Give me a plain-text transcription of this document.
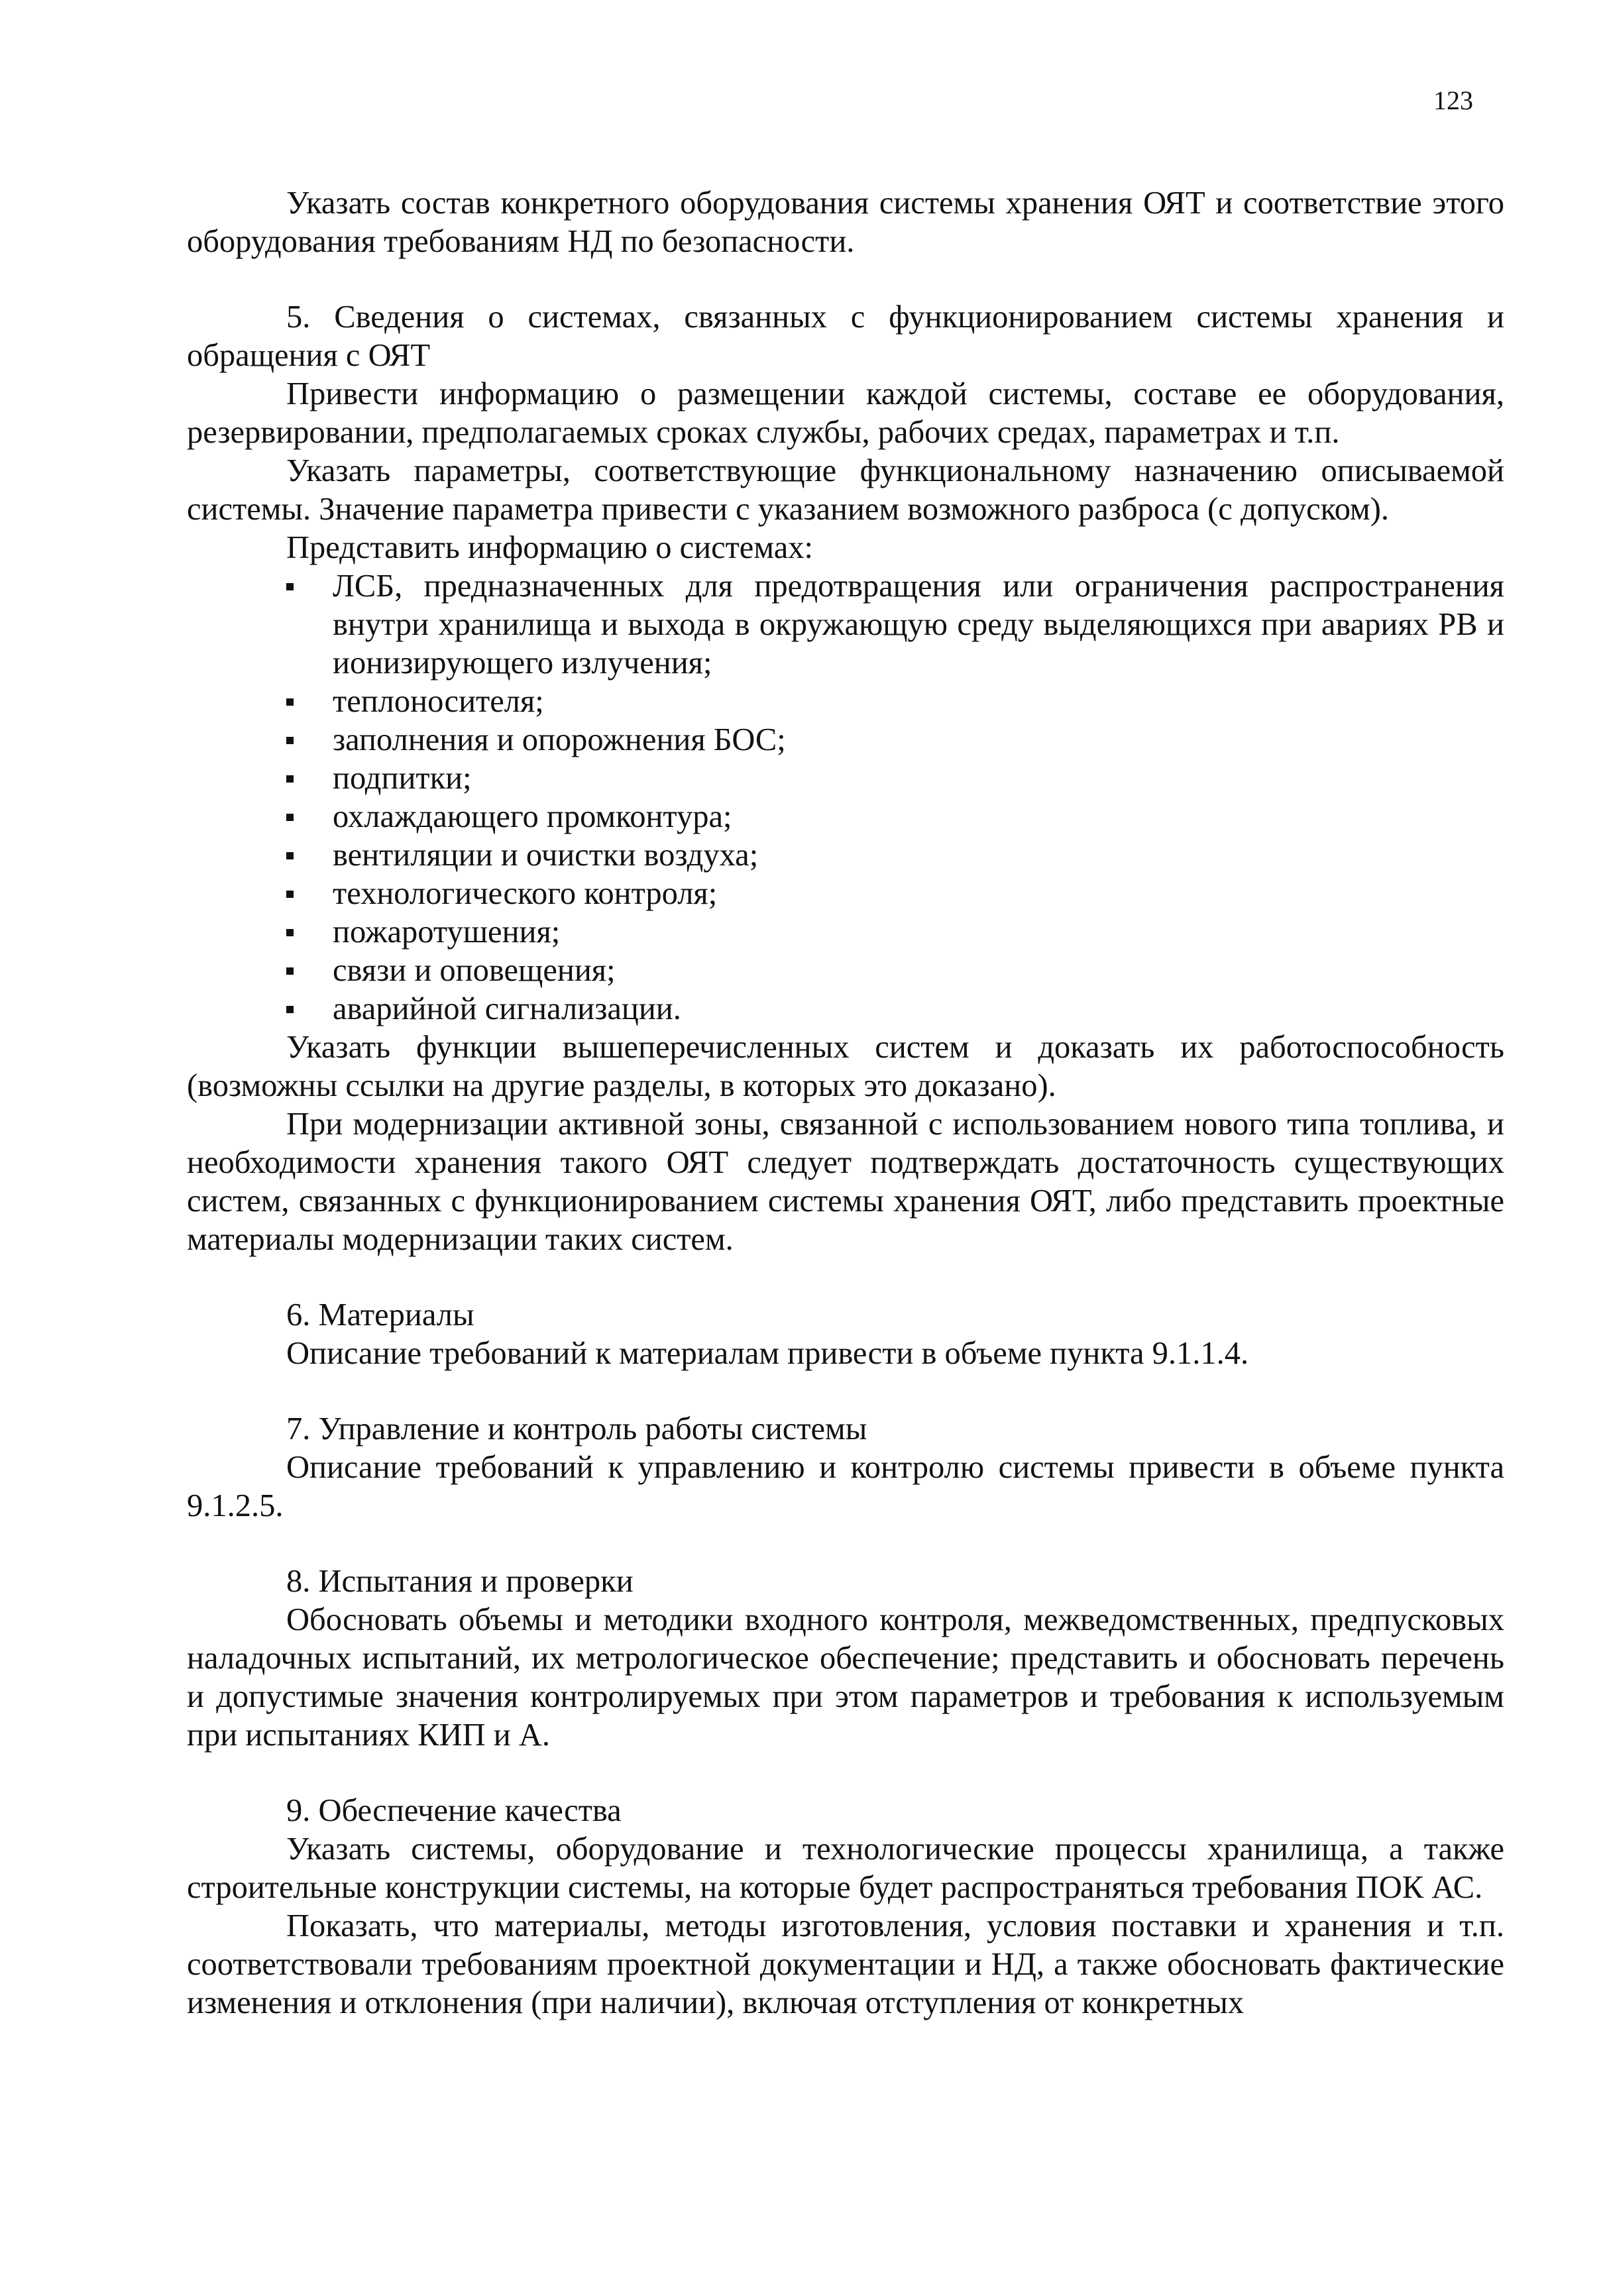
123

Указать состав конкретного оборудования системы хранения ОЯТ и соответствие этого оборудования требованиям НД по безопасности.

5. Сведения о системах, связанных с функционированием системы хранения и обращения с ОЯТ

Привести информацию о размещении каждой системы, составе ее оборудования, резервировании, предполагаемых сроках службы, рабочих средах, параметрах и т.п.

Указать параметры, соответствующие функциональному назначению описываемой системы. Значение параметра привести с указанием возможного разброса (с допуском).

Представить информацию о системах:

ЛСБ, предназначенных для предотвращения или ограничения распространения внутри хранилища и выхода в окружающую среду выделяющихся при авариях РВ и ионизирующего излучения;
теплоносителя;
заполнения и опорожнения БОС;
подпитки;
охлаждающего промконтура;
вентиляции и очистки воздуха;
технологического контроля;
пожаротушения;
связи и оповещения;
аварийной сигнализации.

Указать функции вышеперечисленных систем и доказать их работоспособность (возможны ссылки на другие разделы, в которых это доказано).

При модернизации активной зоны, связанной с использованием нового типа топлива, и необходимости хранения такого ОЯТ следует подтверждать достаточность существующих систем, связанных с функционированием системы хранения ОЯТ, либо представить проектные материалы модернизации таких систем.

6. Материалы

Описание требований к материалам привести в объеме пункта 9.1.1.4.

7. Управление и контроль работы системы

Описание требований к управлению и контролю системы привести в объеме пункта 9.1.2.5.

8. Испытания и проверки

Обосновать объемы и методики входного контроля, межведомственных, предпусковых наладочных испытаний, их метрологическое обеспечение; представить и обосновать перечень и допустимые значения контролируемых при этом параметров и требования к используемым при испытаниях КИП и А.

9. Обеспечение качества

Указать системы, оборудование и технологические процессы хранилища, а также строительные конструкции системы, на которые будет распространяться требования ПОК АС.

Показать, что материалы, методы изготовления, условия поставки и хранения и т.п. соответствовали требованиям проектной документации и НД, а также обосновать фактические изменения и отклонения (при наличии), включая отступления от конкретных
